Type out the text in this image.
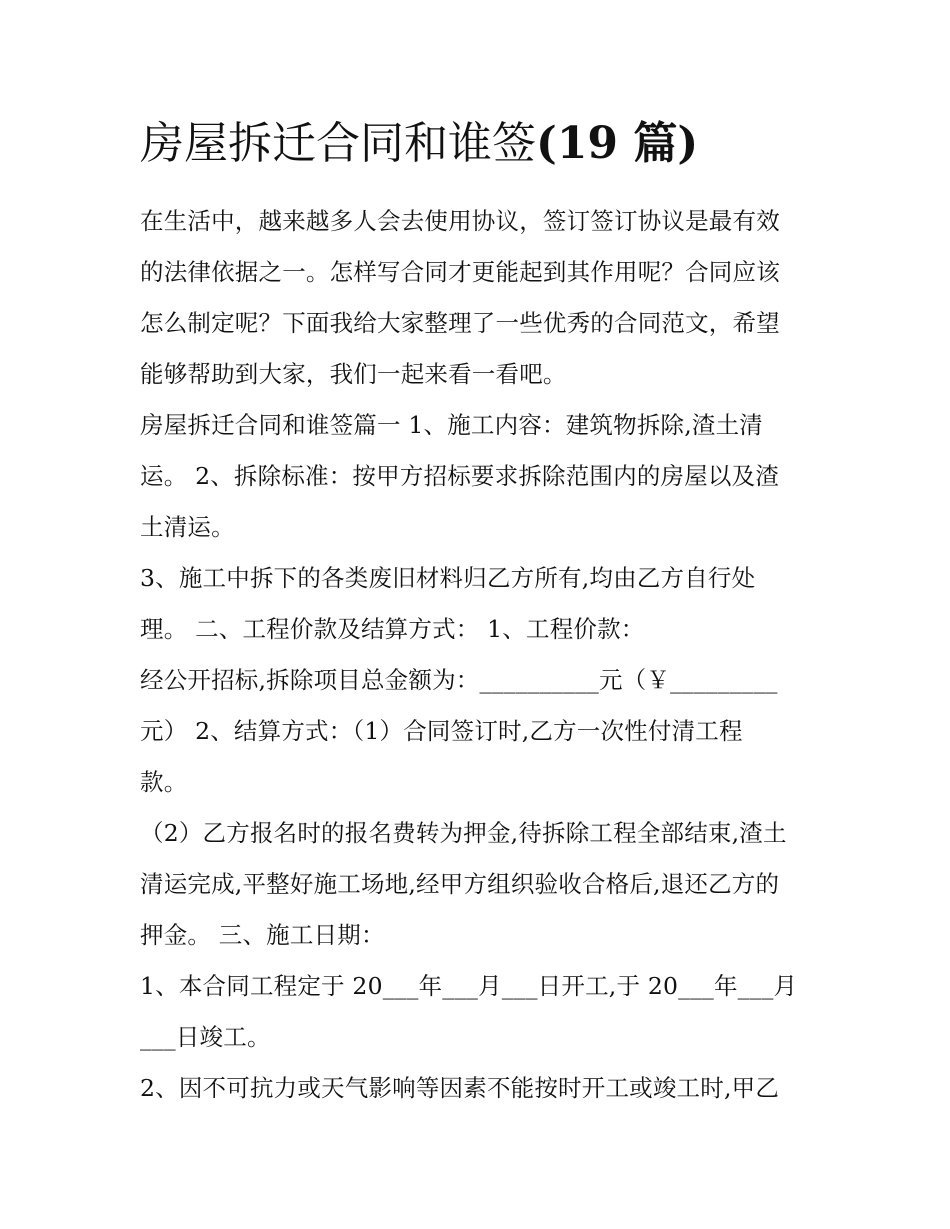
房屋拆迁合同和谁签(19 篇)
在生活中，越来越多人会去使用协议，签订签订协议是最有效
的法律依据之一。怎样写合同才更能起到其作用呢？合同应该
怎么制定呢？下面我给大家整理了一些优秀的合同范文，希望
能够帮助到大家，我们一起来看一看吧。
房屋拆迁合同和谁签篇一 1、施工内容：建筑物拆除,渣土清
运。 2、拆除标准：按甲方招标要求拆除范围内的房屋以及渣
土清运。
3、施工中拆下的各类废旧材料归乙方所有,均由乙方自行处
理。 二、工程价款及结算方式： 1、工程价款：
经公开招标,拆除项目总金额为：__________元（￥_________
元） 2、结算方式：（1）合同签订时,乙方一次性付清工程
款。
（2）乙方报名时的报名费转为押金,待拆除工程全部结束,渣土
清运完成,平整好施工场地,经甲方组织验收合格后,退还乙方的
押金。 三、施工日期：
1、本合同工程定于 20___年___月___日开工,于 20___年___月
___日竣工。
2、因不可抗力或天气影响等因素不能按时开工或竣工时,甲乙
